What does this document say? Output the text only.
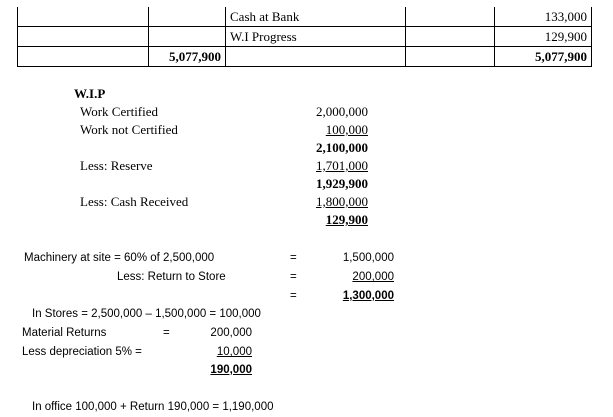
		Cash at Bank		133,000
		W.I Progress		129,900
	5,077,900			5,077,900
W.I.P
Work Certified	2,000,000
Work not Certified	100,000
2,100,000
Less: Reserve	1,701,000
1,929,900
Less: Cash Received	1,800,000
129,900
Machinery at site = 60% of 2,500,000	=	1,500,000
Less: Return to Store	=	200,000
=	1,300,000
In Stores = 2,500,000 – 1,500,000 = 100,000
Material Returns	=	200,000
Less depreciation 5% =	10,000
190,000
In office 100,000 + Return 190,000 = 1,190,000
